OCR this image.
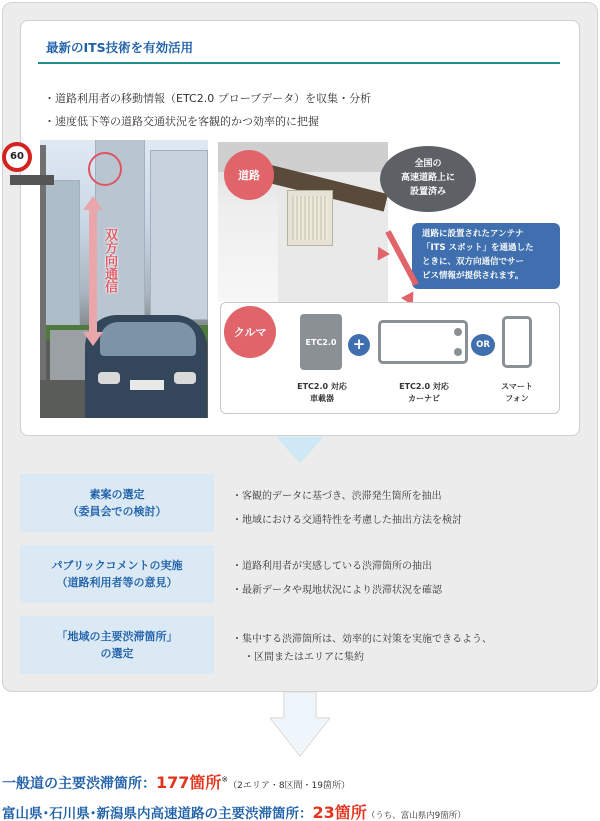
最新のITS技術を有効活用
・ 道路利用者の移動情報（ETC2.0 プローブデータ）を収集・分析
・ 速度低下等の道路交通状況を客観的かつ効率的に把握
60
双方向通信
道路
全国の
高速道路上に
設置済み
道路に設置されたアンテナ
「ITS スポット」を通過した
ときに、双方向通信でサー
ビス情報が提供されます。
クルマ
ETC2.0	+	OR
ETC2.0 対応
車載器
ETC2.0 対応
カーナビ
スマート
フォン
素案の選定
（委員会での検討）
・ 客観的データに基づき、渋滞発生箇所を抽出
・ 地域における交通特性を考慮した抽出方法を検討
パブリックコメントの実施
（道路利用者等の意見）
・ 道路利用者が実感している渋滞箇所の抽出
・ 最新データや現地状況により渋滞状況を確認
「地域の主要渋滞箇所」
の選定
・ 集中する渋滞箇所は、効率的に対策を実施できるよう、
・ 区間またはエリアに集約
一般道の主要渋滞箇所：177箇所※（2エリア・8区間・19箇所）
富山県･石川県･新潟県内高速道路の主要渋滞箇所：23箇所（うち、富山県内9箇所）
